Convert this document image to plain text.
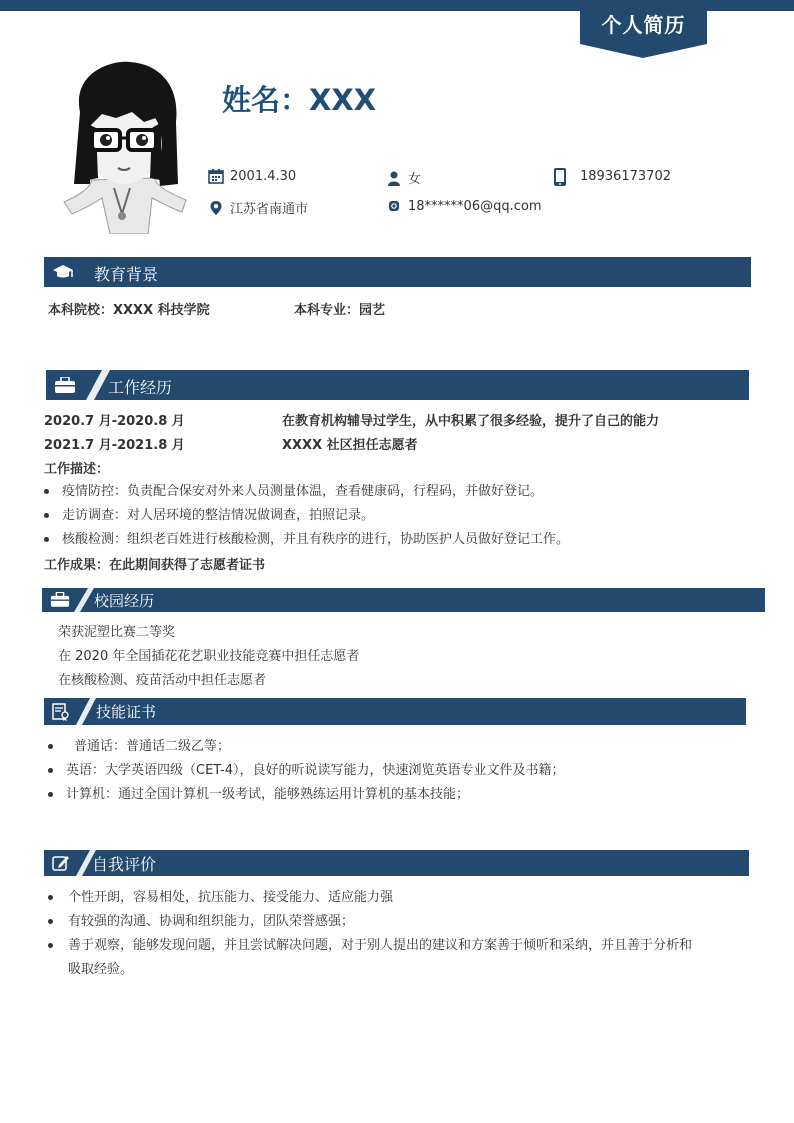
个人简历
姓名：XXX
2001.4.30	女	18936173702
江苏省南通市	18******06@qq.com
教育背景
本科院校：XXXX 科技学院	本科专业：园艺
工作经历
2020.7 月-2020.8 月	在教育机构辅导过学生，从中积累了很多经验，提升了自己的能力
2021.7 月-2021.8 月	XXXX 社区担任志愿者
工作描述：
疫情防控：负责配合保安对外来人员测量体温，查看健康码，行程码，并做好登记。
走访调查：对人居环境的整洁情况做调查，拍照记录。
核酸检测：组织老百姓进行核酸检测，并且有秩序的进行，协助医护人员做好登记工作。
工作成果：在此期间获得了志愿者证书
校园经历
荣获泥塑比赛二等奖
在 2020 年全国插花花艺职业技能竞赛中担任志愿者
在核酸检测、疫苗活动中担任志愿者
技能证书
普通话：普通话二级乙等；
英语：大学英语四级（CET-4），良好的听说读写能力，快速浏览英语专业文件及书籍；
计算机：通过全国计算机一级考试，能够熟练运用计算机的基本技能；
自我评价
个性开朗，容易相处，抗压能力、接受能力、适应能力强
有较强的沟通、协调和组织能力，团队荣誉感强；
善于观察，能够发现问题，并且尝试解决问题，对于别人提出的建议和方案善于倾听和采纳，并且善于分析和
吸取经验。
